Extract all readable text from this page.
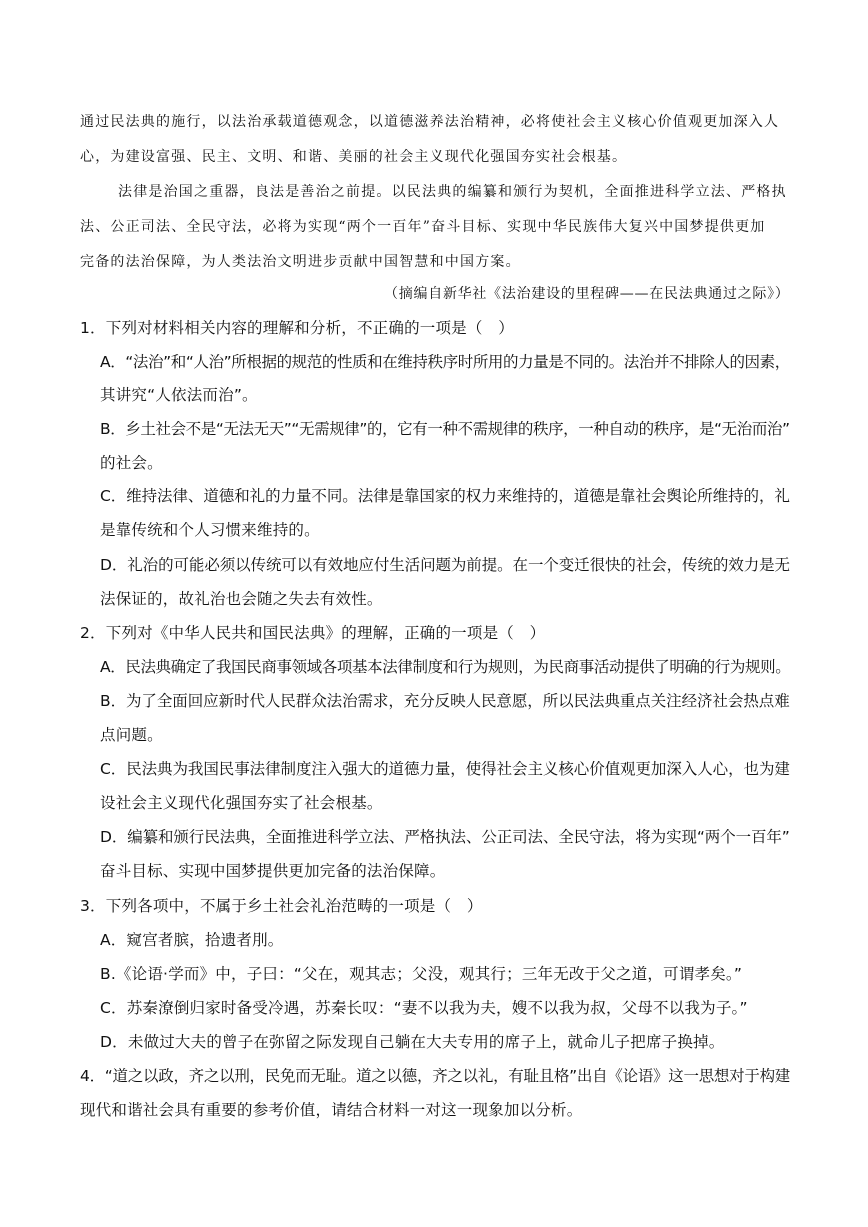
通过民法典的施行，以法治承载道德观念，以道德滋养法治精神，必将使社会主义核心价值观更加深入人
心，为建设富强、民主、文明、和谐、美丽的社会主义现代化强国夯实社会根基。
法律是治国之重器，良法是善治之前提。以民法典的编纂和颁行为契机，全面推进科学立法、严格执
法、公正司法、全民守法，必将为实现“两个一百年”奋斗目标、实现中华民族伟大复兴中国梦提供更加
完备的法治保障，为人类法治文明进步贡献中国智慧和中国方案。
（摘编自新华社《法治建设的里程碑——在民法典通过之际》）
1．下列对材料相关内容的理解和分析，不正确的一项是（　）
A．“法治”和“人治”所根据的规范的性质和在维持秩序时所用的力量是不同的。法治并不排除人的因素，
其讲究“人依法而治”。
B．乡土社会不是“无法无天”“无需规律”的，它有一种不需规律的秩序，一种自动的秩序，是“无治而治”
的社会。
C．维持法律、道德和礼的力量不同。法律是靠国家的权力来维持的，道德是靠社会舆论所维持的，礼
是靠传统和个人习惯来维持的。
D．礼治的可能必须以传统可以有效地应付生活问题为前提。在一个变迁很快的社会，传统的效力是无
法保证的，故礼治也会随之失去有效性。
2．下列对《中华人民共和国民法典》的理解，正确的一项是（　）
A．民法典确定了我国民商事领域各项基本法律制度和行为规则，为民商事活动提供了明确的行为规则。
B．为了全面回应新时代人民群众法治需求，充分反映人民意愿，所以民法典重点关注经济社会热点难
点问题。
C．民法典为我国民事法律制度注入强大的道德力量，使得社会主义核心价值观更加深入人心，也为建
设社会主义现代化强国夯实了社会根基。
D．编纂和颁行民法典，全面推进科学立法、严格执法、公正司法、全民守法，将为实现“两个一百年”
奋斗目标、实现中国梦提供更加完备的法治保障。
3．下列各项中，不属于乡土社会礼治范畴的一项是（　）
A．窥宫者膑，拾遗者刖。
B.《论语·学而》中，子曰：“父在，观其志；父没，观其行；三年无改于父之道，可谓孝矣。”
C．苏秦潦倒归家时备受冷遇，苏秦长叹：“妻不以我为夫，嫂不以我为叔，父母不以我为子。”
D．未做过大夫的曾子在弥留之际发现自己躺在大夫专用的席子上，就命儿子把席子换掉。
4．“道之以政，齐之以刑，民免而无耻。道之以德，齐之以礼，有耻且格”出自《论语》这一思想对于构建
现代和谐社会具有重要的参考价值，请结合材料一对这一现象加以分析。
